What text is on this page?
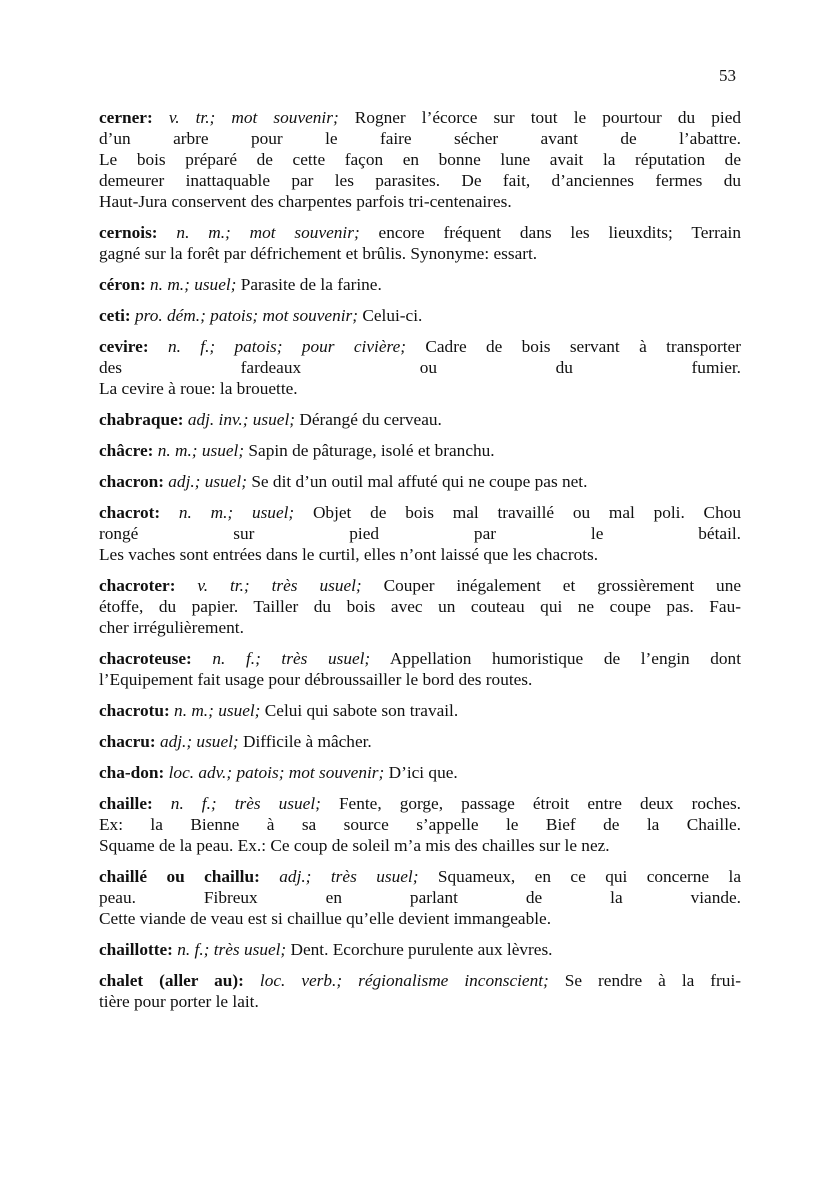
53
cerner: v. tr.; mot souvenir; Rogner l’écorce sur tout le pourtour du pied
d’un arbre pour le faire sécher avant de l’abattre.
Le bois préparé de cette façon en bonne lune avait la réputation de
demeurer inattaquable par les parasites. De fait, d’anciennes fermes du
Haut-Jura conservent des charpentes parfois tri-centenaires.
cernois: n. m.; mot souvenir; encore fréquent dans les lieuxdits; Terrain
gagné sur la forêt par défrichement et brûlis. Synonyme: essart.
céron: n. m.; usuel; Parasite de la farine.
ceti: pro. dém.; patois; mot souvenir; Celui-ci.
cevire: n. f.; patois; pour civière; Cadre de bois servant à transporter
des fardeaux ou du fumier.
La cevire à roue: la brouette.
chabraque: adj. inv.; usuel; Dérangé du cerveau.
châcre: n. m.; usuel; Sapin de pâturage, isolé et branchu.
chacron: adj.; usuel; Se dit d’un outil mal affuté qui ne coupe pas net.
chacrot: n. m.; usuel; Objet de bois mal travaillé ou mal poli. Chou
rongé sur pied par le bétail.
Les vaches sont entrées dans le curtil, elles n’ont laissé que les chacrots.
chacroter: v. tr.; très usuel; Couper inégalement et grossièrement une
étoffe, du papier. Tailler du bois avec un couteau qui ne coupe pas. Fau-
cher irrégulièrement.
chacroteuse: n. f.; très usuel; Appellation humoristique de l’engin dont
l’Equipement fait usage pour débroussailler le bord des routes.
chacrotu: n. m.; usuel; Celui qui sabote son travail.
chacru: adj.; usuel; Difficile à mâcher.
cha-don: loc. adv.; patois; mot souvenir; D’ici que.
chaille: n. f.; très usuel; Fente, gorge, passage étroit entre deux roches.
Ex: la Bienne à sa source s’appelle le Bief de la Chaille.
Squame de la peau. Ex.: Ce coup de soleil m’a mis des chailles sur le nez.
chaillé ou chaillu: adj.; très usuel; Squameux, en ce qui concerne la
peau. Fibreux en parlant de la viande.
Cette viande de veau est si chaillue qu’elle devient immangeable.
chaillotte: n. f.; très usuel; Dent. Ecorchure purulente aux lèvres.
chalet (aller au): loc. verb.; régionalisme inconscient; Se rendre à la frui-
tière pour porter le lait.
